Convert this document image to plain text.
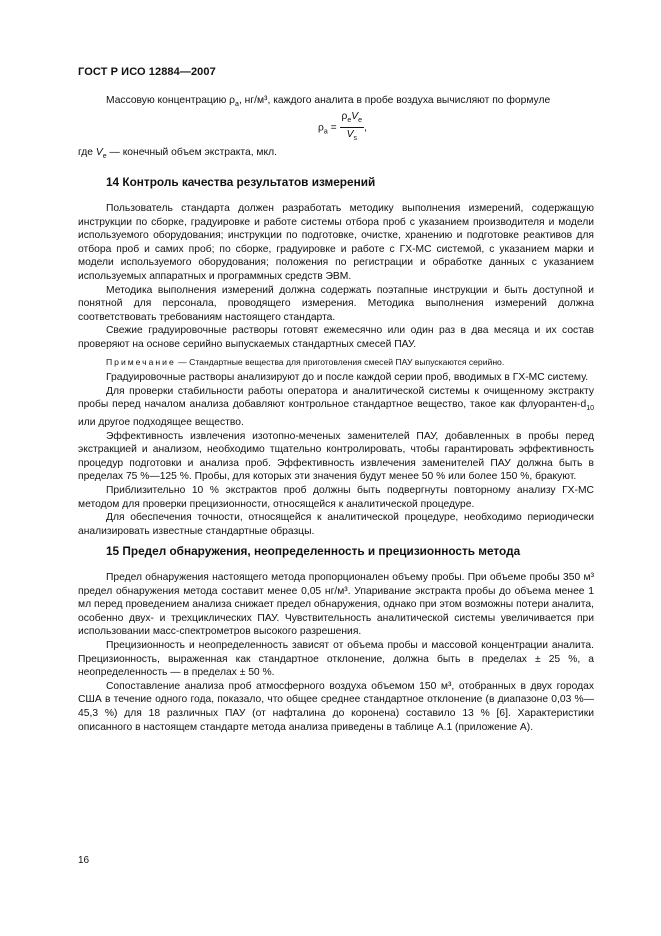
ГОСТ Р ИСО 12884—2007

Массовую концентрацию $\rho_a$, нг/м³, каждого аналита в пробе воздуха вычисляют по формуле

$\rho_a = \frac{\rho_eV_e}{V_s}$ ,

где $V_e$ — конечный объем экстракта, мкл.

14 Контроль качества результатов измерений

Пользователь стандарта должен разработать методику выполнения измерений, содержащую инструкции по сборке, градуировке и работе системы отбора проб с указанием производителя и модели используемого оборудования; инструкции по подготовке, очистке, хранению и подготовке реактивов для отбора проб и самих проб; по сборке, градуировке и работе с ГХ-МС системой, с указанием марки и модели используемого оборудования; положения по регистрации и обработке данных с указанием используемых аппаратных и программных средств ЭВМ.

Методика выполнения измерений должна содержать поэтапные инструкции и быть доступной и понятной для персонала, проводящего измерения. Методика выполнения измерений должна соответствовать требованиям настоящего стандарта.

Свежие градуировочные растворы готовят ежемесячно или один раз в два месяца и их состав проверяют на основе серийно выпускаемых стандартных смесей ПАУ.

Примечание — Стандартные вещества для приготовления смесей ПАУ выпускаются серийно.

Градуировочные растворы анализируют до и после каждой серии проб, вводимых в ГХ-МС систему.

Для проверки стабильности работы оператора и аналитической системы к очищенному экстракту пробы перед началом анализа добавляют контрольное стандартное вещество, такое как флуорантен-$d_{10}$ или другое подходящее вещество.

Эффективность извлечения изотопно-меченых заменителей ПАУ, добавленных в пробы перед экстракцией и анализом, необходимо тщательно контролировать, чтобы гарантировать эффективность процедур подготовки и анализа проб. Эффективность извлечения заменителей ПАУ должна быть в пределах 75 %—125 %. Пробы, для которых эти значения будут менее 50 % или более 150 %, бракуют.

Приблизительно 10 % экстрактов проб должны быть подвергнуты повторному анализу ГХ-МС методом для проверки прецизионности, относящейся к аналитической процедуре.

Для обеспечения точности, относящейся к аналитической процедуре, необходимо периодически анализировать известные стандартные образцы.

15 Предел обнаружения, неопределенность и прецизионность метода

Предел обнаружения настоящего метода пропорционален объему пробы. При объеме пробы 350 м³ предел обнаружения метода составит менее 0,05 нг/м³. Упаривание экстракта пробы до объема менее 1 мл перед проведением анализа снижает предел обнаружения, однако при этом возможны потери аналита, особенно двух- и трехциклических ПАУ. Чувствительность аналитической системы увеличивается при использовании масс-спектрометров высокого разрешения.

Прецизионность и неопределенность зависят от объема пробы и массовой концентрации аналита. Прецизионность, выраженная как стандартное отклонение, должна быть в пределах ± 25 %, а неопределенность — в пределах ± 50 %.

Сопоставление анализа проб атмосферного воздуха объемом 150 м³, отобранных в двух городах США в течение одного года, показало, что общее среднее стандартное отклонение (в диапазоне 0,03 %—45,3 %) для 18 различных ПАУ (от нафталина до коронена) составило 13 % [6]. Характеристики описанного в настоящем стандарте метода анализа приведены в таблице А.1 (приложение А).

16
